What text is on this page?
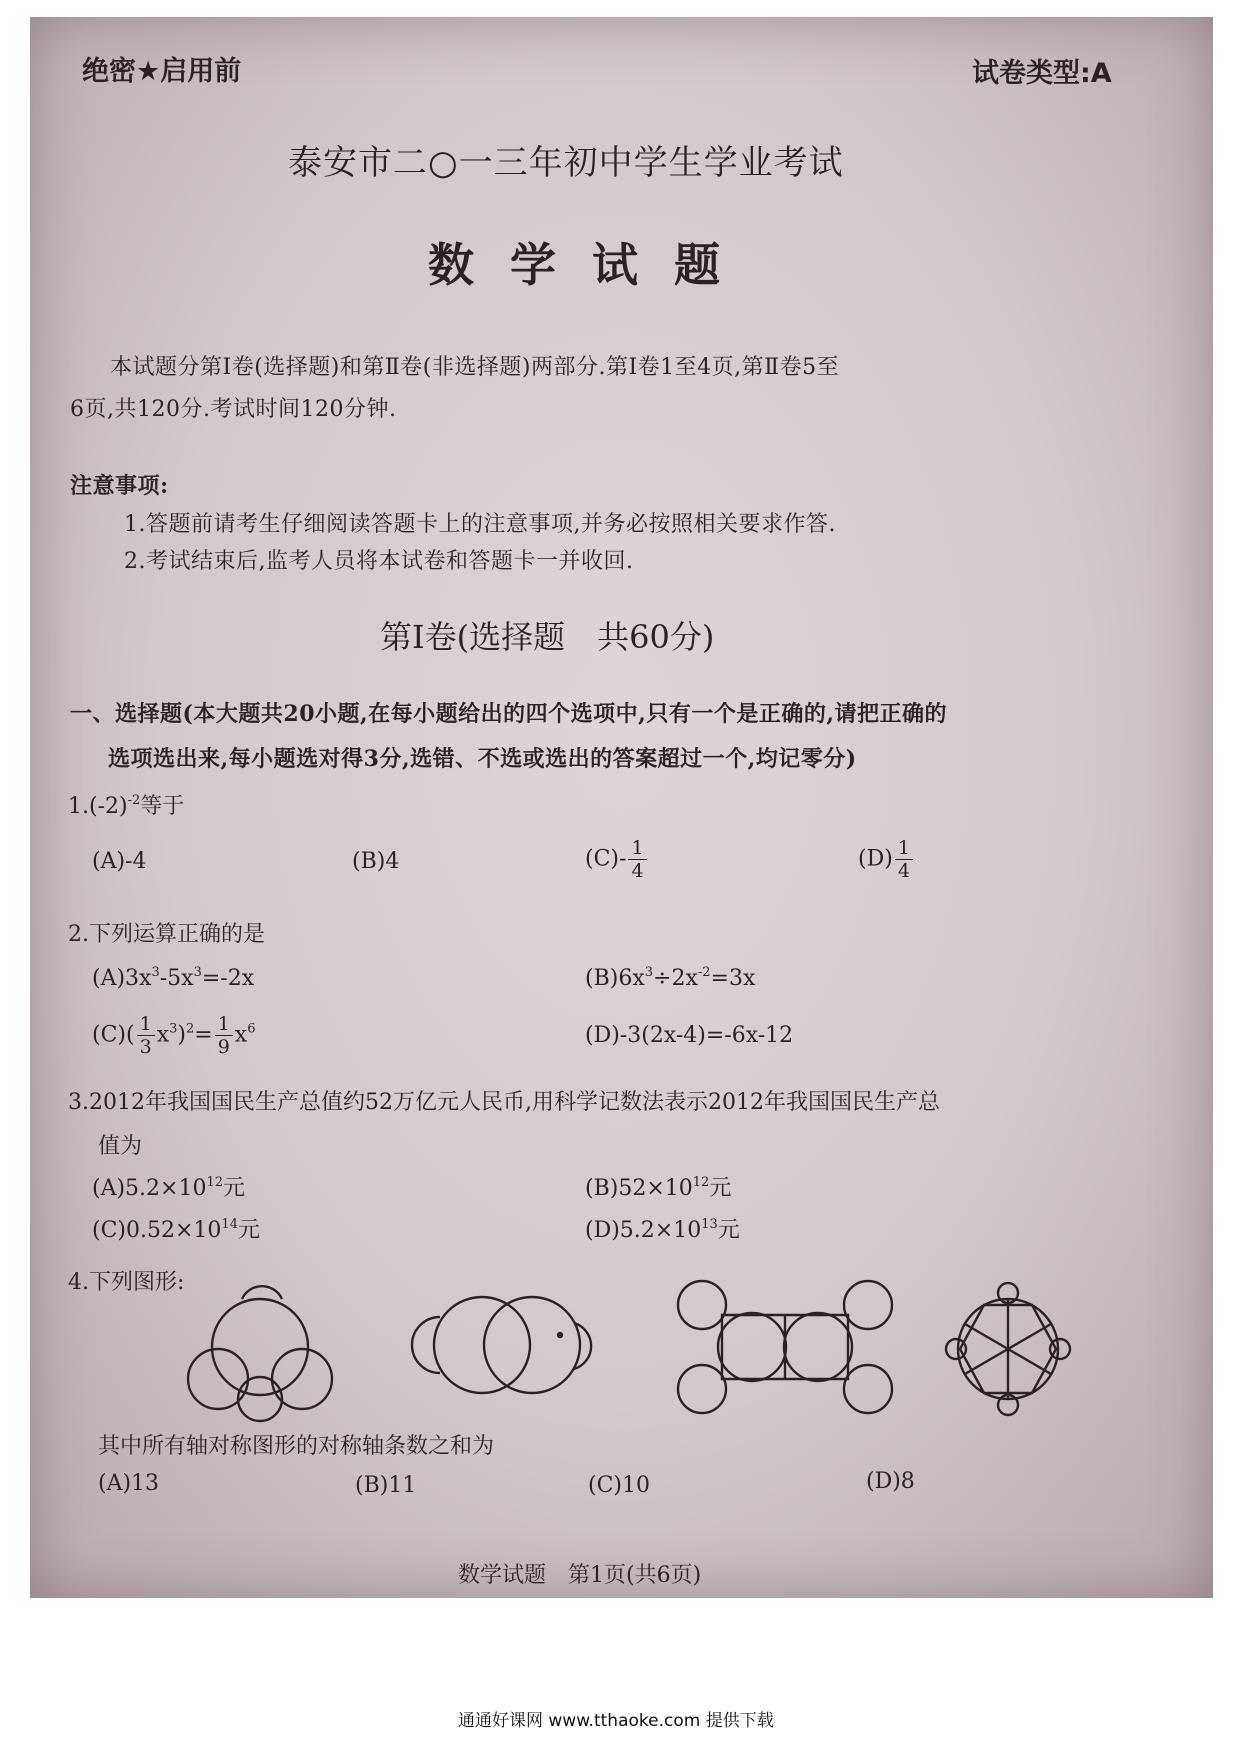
绝密★启用前	试卷类型:A
泰安市二○一三年初中学生学业考试
数学试题
本试题分第Ⅰ卷(选择题)和第Ⅱ卷(非选择题)两部分.第Ⅰ卷1至4页,第Ⅱ卷5至
6页,共120分.考试时间120分钟.
注意事项:
1.答题前请考生仔细阅读答题卡上的注意事项,并务必按照相关要求作答.
2.考试结束后,监考人员将本试卷和答题卡一并收回.
第Ⅰ卷(选择题　共60分)
一、选择题(本大题共20小题,在每小题给出的四个选项中,只有一个是正确的,请把正确的
选项选出来,每小题选对得3分,选错、不选或选出的答案超过一个,均记零分)
$1.(-2)^{-2}$等于
(A)-4	(B)4	$(C)- \frac{1}{4}$	$(D) \frac{1}{4}$
2.下列运算正确的是
$(A)3x^3-5x^3=-2x$	$(B)6x^3\div 2x^{-2}=3x$
$(C)( \frac{1}{3} x^3)^2= \frac{1}{9} x^6$	(D)-3(2x-4)=-6x-12
3.2012年我国国民生产总值约52万亿元人民币,用科学记数法表示2012年我国国民生产总
值为
$(A)5.2\times 10^{12}$元	$(B)52\times 10^{12}$元
$(C)0.52\times 10^{14}$元	$(D)5.2\times 10^{13}$元
4.下列图形:
其中所有轴对称图形的对称轴条数之和为
(A)13	(B)11	(C)10	(D)8
数学试题　第1页(共6页)
通通好课网 www.tthaoke.com 提供下载
